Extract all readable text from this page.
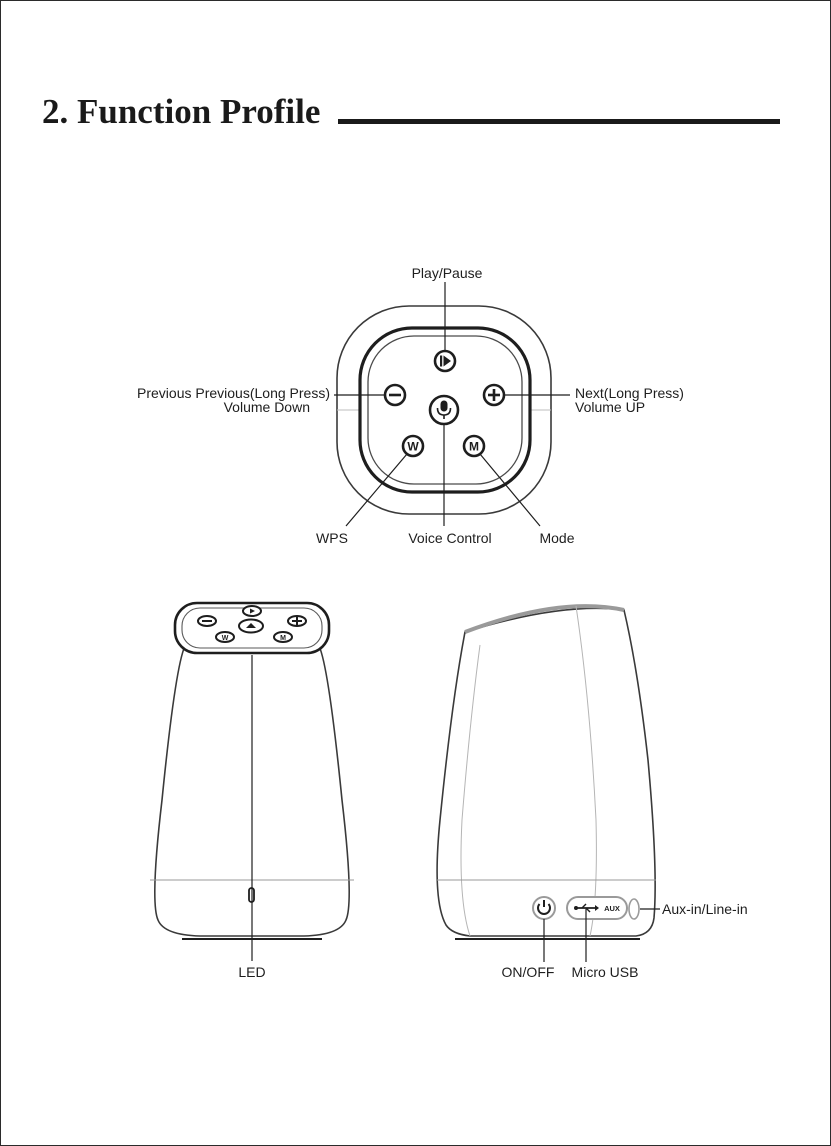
2. Function Profile
W	M
Play/Pause
Previous Previous(Long Press)
Volume Down
Next(Long Press)
Volume UP
WPS	Voice Control	Mode
W	M
LED
AUX
ON/OFF Micro USB
Aux-in/Line-in
